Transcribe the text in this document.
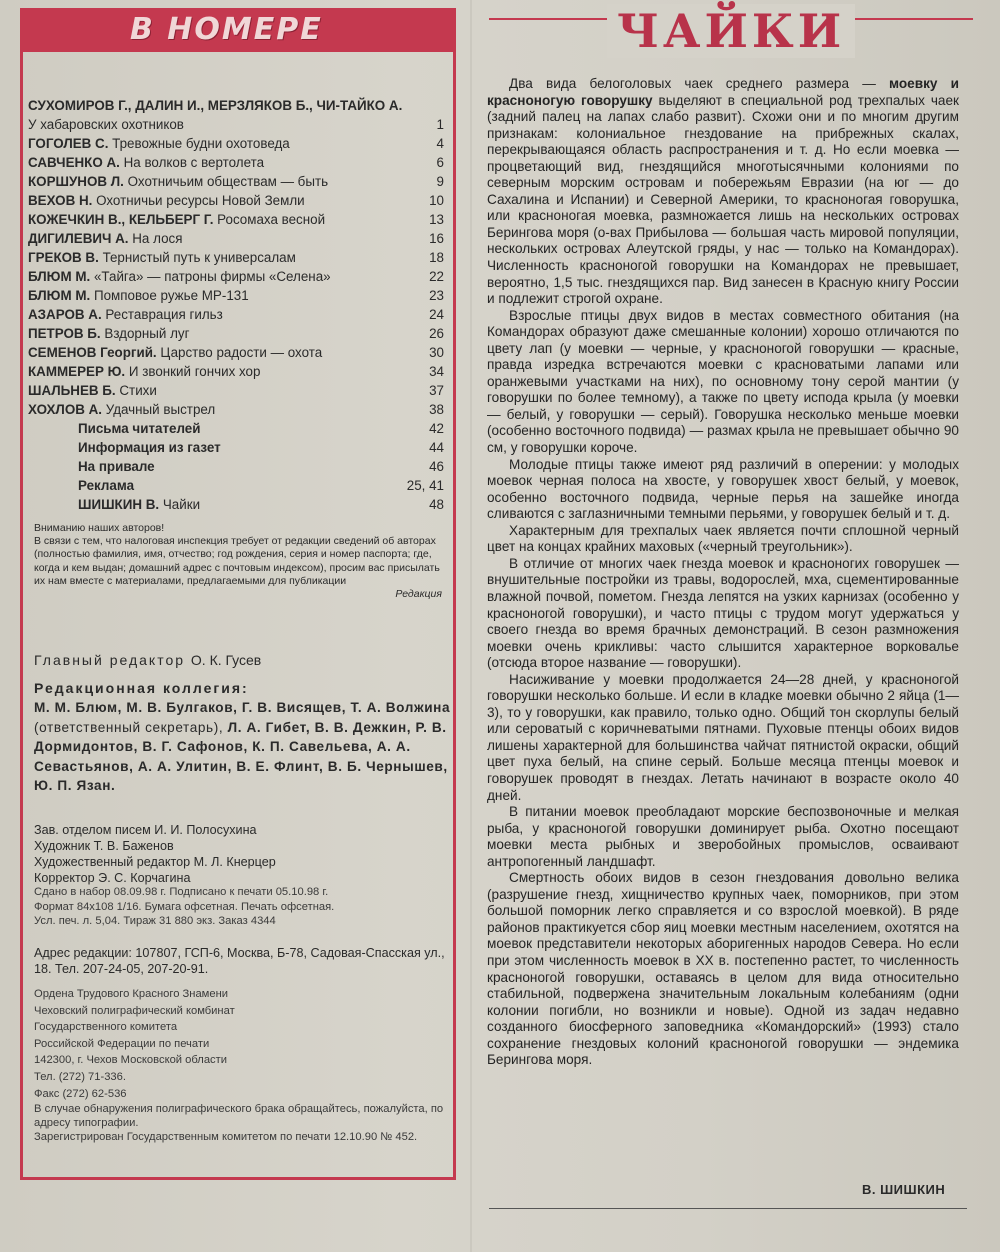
В НОМЕРЕ
СУХОМИРОВ Г., ДАЛИН И., МЕРЗЛЯКОВ Б., ЧИ-ТАЙКО А. У хабаровских охотников	1
ГОГОЛЕВ С. Тревожные будни охотоведа	4
САВЧЕНКО А. На волков с вертолета	6
КОРШУНОВ Л. Охотничьим обществам — быть	9
ВЕХОВ Н. Охотничьи ресурсы Новой Земли	10
КОЖЕЧКИН В., КЕЛЬБЕРГ Г. Росомаха весной	13
ДИГИЛЕВИЧ А. На лося	16
ГРЕКОВ В. Тернистый путь к универсалам	18
БЛЮМ М. «Тайга» — патроны фирмы «Селена»	22
БЛЮМ М. Помповое ружье МР-131	23
АЗАРОВ А. Реставрация гильз	24
ПЕТРОВ Б. Вздорный луг	26
СЕМЕНОВ Георгий. Царство радости — охота	30
КАММЕРЕР Ю. И звонкий гончих хор	34
ШАЛЬНЕВ Б. Стихи	37
ХОХЛОВ А. Удачный выстрел	38
Письма читателей	42
Информация из газет	44
На привале	46
Реклама	25, 41
ШИШКИН В. Чайки	48
Вниманию наших авторов!
В связи с тем, что налоговая инспекция требует от редакции сведений об авторах (полностью фамилия, имя, отчество; год рождения, серия и номер паспорта; где, когда и кем выдан; домашний адрес с почтовым индексом), просим вас присылать их нам вместе с материалами, предлагаемыми для публикации
Редакция
Главный редактор О. К. Гусев
Редакционная коллегия:
М. М. Блюм, М. В. Булгаков, Г. В. Висящев, Т. А. Волжина (ответственный секретарь), Л. А. Гибет, В. В. Дежкин, Р. В. Дормидонтов, В. Г. Сафонов, К. П. Савельева, А. А. Севастьянов, А. А. Улитин, В. Е. Флинт, В. Б. Чернышев, Ю. П. Язан.
Зав. отделом писем И. И. Полосухина
Художник Т. В. Баженов
Художественный редактор М. Л. Кнерцер
Корректор Э. С. Корчагина
Сдано в набор 08.09.98 г. Подписано к печати 05.10.98 г.
Формат 84х108 1/16. Бумага офсетная. Печать офсетная.
Усл. печ. л. 5,04. Тираж 31 880 экз. Заказ 4344
Адрес редакции: 107807, ГСП-6, Москва, Б-78, Садовая-Спасская ул., 18. Тел. 207-24-05, 207-20-91.
Ордена Трудового Красного Знамени
Чеховский полиграфический комбинат
Государственного комитета
Российской Федерации по печати
142300, г. Чехов Московской области
Тел. (272) 71-336.
Факс (272) 62-536
В случае обнаружения полиграфического брака обращайтесь, пожалуйста, по адресу типографии.
Зарегистрирован Государственным комитетом по печати 12.10.90 № 452.
ЧАЙКИ

Два вида белоголовых чаек среднего размера — моевку и красноногую говорушку выделяют в специальной род трехпалых чаек (задний палец на лапах слабо развит). Схожи они и по многим другим признакам: колониальное гнездование на прибрежных скалах, перекрывающаяся область распространения и т. д. Но если моевка — процветающий вид, гнездящийся многотысячными колониями по северным морским островам и побережьям Евразии (на юг — до Сахалина и Испании) и Северной Америки, то красноногая говорушка, или красноногая моевка, размножается лишь на нескольких островах Берингова моря (о-вах Прибылова — большая часть мировой популяции, нескольких островах Алеутской гряды, у нас — только на Командорах). Численность красноногой говорушки на Командорах не превышает, вероятно, 1,5 тыс. гнездящихся пар. Вид занесен в Красную книгу России и подлежит строгой охране.

Взрослые птицы двух видов в местах совместного обитания (на Командорах образуют даже смешанные колонии) хорошо отличаются по цвету лап (у моевки — черные, у красноногой говорушки — красные, правда изредка встречаются моевки с красноватыми лапами или оранжевыми участками на них), по основному тону серой мантии (у говорушки по более темному), а также по цвету испода крыла (у моевки — белый, у говорушки — серый). Говорушка несколько меньше моевки (особенно восточного подвида) — размах крыла не превышает обычно 90 см, у говорушки короче.

Молодые птицы также имеют ряд различий в оперении: у молодых моевок черная полоса на хвосте, у говорушек хвост белый, у моевок, особенно восточного подвида, черные перья на зашейке иногда сливаются с заглазничными темными перьями, у говорушек белый и т. д.

Характерным для трехпалых чаек является почти сплошной черный цвет на концах крайних маховых («черный треугольник»).

В отличие от многих чаек гнезда моевок и красноногих говорушек — внушительные постройки из травы, водорослей, мха, сцементированные влажной почвой, пометом. Гнезда лепятся на узких карнизах (особенно у красноногой говорушки), и часто птицы с трудом могут удержаться у своего гнезда во время брачных демонстраций. В сезон размножения моевки очень крикливы: часто слышится характерное ворковалье (отсюда второе название — говорушки).

Насиживание у моевки продолжается 24—28 дней, у красноногой говорушки несколько больше. И если в кладке моевки обычно 2 яйца (1—3), то у говорушки, как правило, только одно. Общий тон скорлупы белый или сероватый с коричневатыми пятнами. Пуховые птенцы обоих видов лишены характерной для большинства чайчат пятнистой окраски, общий цвет пуха белый, на спине серый. Больше месяца птенцы моевок и говорушек проводят в гнездах. Летать начинают в возрасте около 40 дней.

В питании моевок преобладают морские беспозвоночные и мелкая рыба, у красноногой говорушки доминирует рыба. Охотно посещают моевки места рыбных и зверобойных промыслов, осваивают антропогенный ландшафт.

Смертность обоих видов в сезон гнездования довольно велика (разрушение гнезд, хищничество крупных чаек, поморников, при этом большой поморник легко справляется и со взрослой моевкой). В ряде районов практикуется сбор яиц моевки местным населением, охотятся на моевок представители некоторых аборигенных народов Севера. Но если при этом численность моевок в XX в. постепенно растет, то численность красноногой говорушки, оставаясь в целом для вида относительно стабильной, подвержена значительным локальным колебаниям (одни колонии погибли, но возникли и новые). Одной из задач недавно созданного биосферного заповедника «Командорский» (1993) стало сохранение гнездовых колоний красноногой говорушки — эндемика Берингова моря.

В. ШИШКИН
